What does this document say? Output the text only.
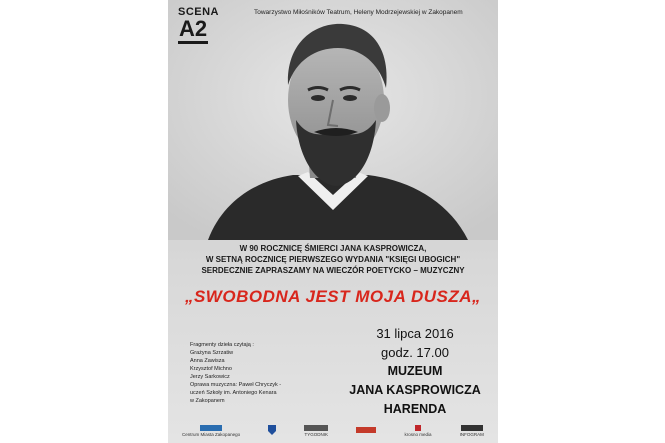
SCENA
A2
Towarzystwo Miłośników Teatrum, Heleny Modrzejewskiej w Zakopanem
W 90 ROCZNICĘ ŚMIERCI JANA KASPROWICZA,
W SETNĄ ROCZNICĘ PIERWSZEGO WYDANIA "KSIĘGI UBOGICH"
SERDECZNIE ZAPRASZAMY NA WIECZÓR POETYCKO – MUZYCZNY
„SWOBODNA JEST MOJA DUSZA„
Fragmenty dzieła czytają :
Grażyna Szrzatiw
Anna Zawisza
Krzysztof Michno
Jerzy Sarkowicz
Oprawa muzyczna: Paweł Chryczyk -
uczeń Szkoły im. Antoniego Kenara
w Zakopanem
31 lipca 2016
godz. 17.00
MUZEUM
JANA KASPROWICZA
HARENDA
Centrum Miasta Zakopanego	TYGODNIK	krosno media	INFOGRAM
